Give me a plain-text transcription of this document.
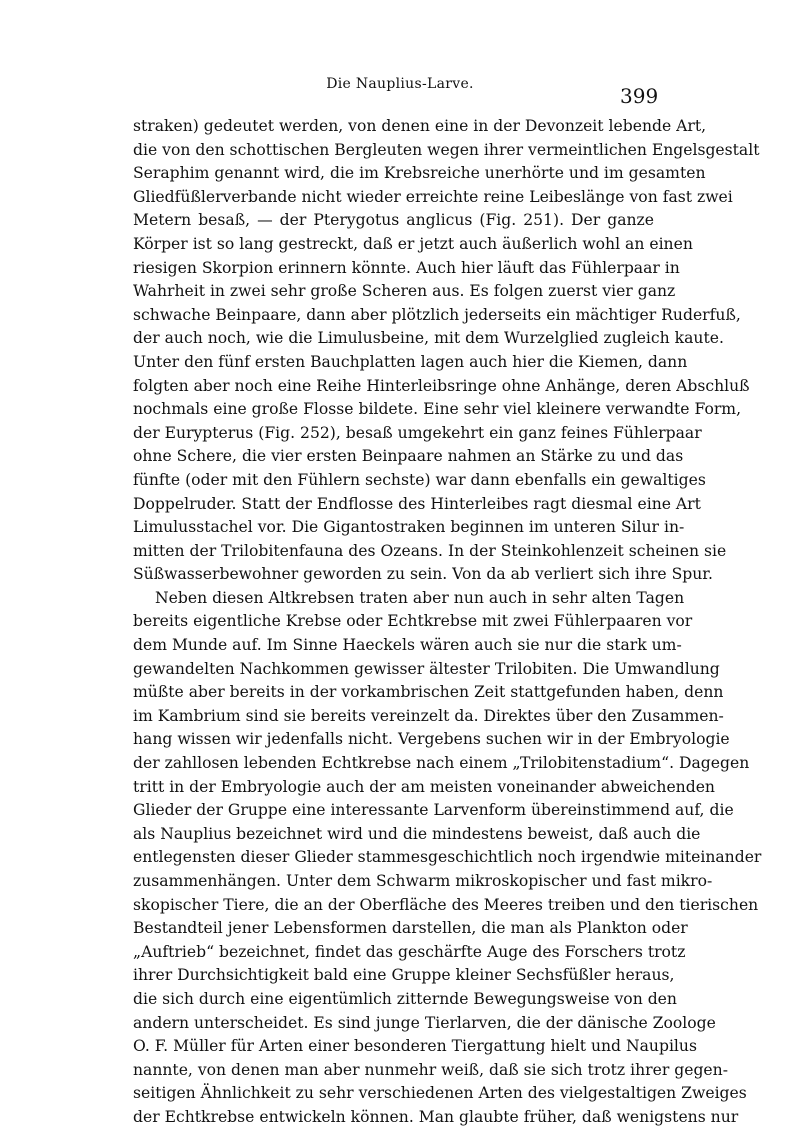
Die Nauplius-Larve.	399
straken) gedeutet werden, von denen eine in der Devonzeit lebende Art,
die von den schottischen Bergleuten wegen ihrer vermeintlichen Engelsgestalt
Seraphim genannt wird, die im Krebsreiche unerhörte und im gesamten
Gliedfüßlerverbande nicht wieder erreichte reine Leibeslänge von fast zwei
Metern besaß, — der Pterygotus anglicus (Fig. 251). Der ganze
Körper ist so lang gestreckt, daß er jetzt auch äußerlich wohl an einen
riesigen Skorpion erinnern könnte. Auch hier läuft das Fühlerpaar in
Wahrheit in zwei sehr große Scheren aus. Es folgen zuerst vier ganz
schwache Beinpaare, dann aber plötzlich jederseits ein mächtiger Ruderfuß,
der auch noch, wie die Limulusbeine, mit dem Wurzelglied zugleich kaute.
Unter den fünf ersten Bauchplatten lagen auch hier die Kiemen, dann
folgten aber noch eine Reihe Hinterleibsringe ohne Anhänge, deren Abschluß
nochmals eine große Flosse bildete. Eine sehr viel kleinere verwandte Form,
der Eurypterus (Fig. 252), besaß umgekehrt ein ganz feines Fühlerpaar
ohne Schere, die vier ersten Beinpaare nahmen an Stärke zu und das
fünfte (oder mit den Fühlern sechste) war dann ebenfalls ein gewaltiges
Doppelruder. Statt der Endflosse des Hinterleibes ragt diesmal eine Art
Limulusstachel vor. Die Gigantostraken beginnen im unteren Silur in-
mitten der Trilobitenfauna des Ozeans. In der Steinkohlenzeit scheinen sie
Süßwasserbewohner geworden zu sein. Von da ab verliert sich ihre Spur.
Neben diesen Altkrebsen traten aber nun auch in sehr alten Tagen
bereits eigentliche Krebse oder Echtkrebse mit zwei Fühlerpaaren vor
dem Munde auf. Im Sinne Haeckels wären auch sie nur die stark um-
gewandelten Nachkommen gewisser ältester Trilobiten. Die Umwandlung
müßte aber bereits in der vorkambrischen Zeit stattgefunden haben, denn
im Kambrium sind sie bereits vereinzelt da. Direktes über den Zusammen-
hang wissen wir jedenfalls nicht. Vergebens suchen wir in der Embryologie
der zahllosen lebenden Echtkrebse nach einem „Trilobitenstadium“. Dagegen
tritt in der Embryologie auch der am meisten voneinander abweichenden
Glieder der Gruppe eine interessante Larvenform übereinstimmend auf, die
als Nauplius bezeichnet wird und die mindestens beweist, daß auch die
entlegensten dieser Glieder stammesgeschichtlich noch irgendwie miteinander
zusammenhängen. Unter dem Schwarm mikroskopischer und fast mikro-
skopischer Tiere, die an der Oberfläche des Meeres treiben und den tierischen
Bestandteil jener Lebensformen darstellen, die man als Plankton oder
„Auftrieb“ bezeichnet, findet das geschärfte Auge des Forschers trotz
ihrer Durchsichtigkeit bald eine Gruppe kleiner Sechsfüßler heraus,
die sich durch eine eigentümlich zitternde Bewegungsweise von den
andern unterscheidet. Es sind junge Tierlarven, die der dänische Zoologe
O. F. Müller für Arten einer besonderen Tiergattung hielt und Naupilus
nannte, von denen man aber nunmehr weiß, daß sie sich trotz ihrer gegen-
seitigen Ähnlichkeit zu sehr verschiedenen Arten des vielgestaltigen Zweiges
der Echtkrebse entwickeln können. Man glaubte früher, daß wenigstens nur
